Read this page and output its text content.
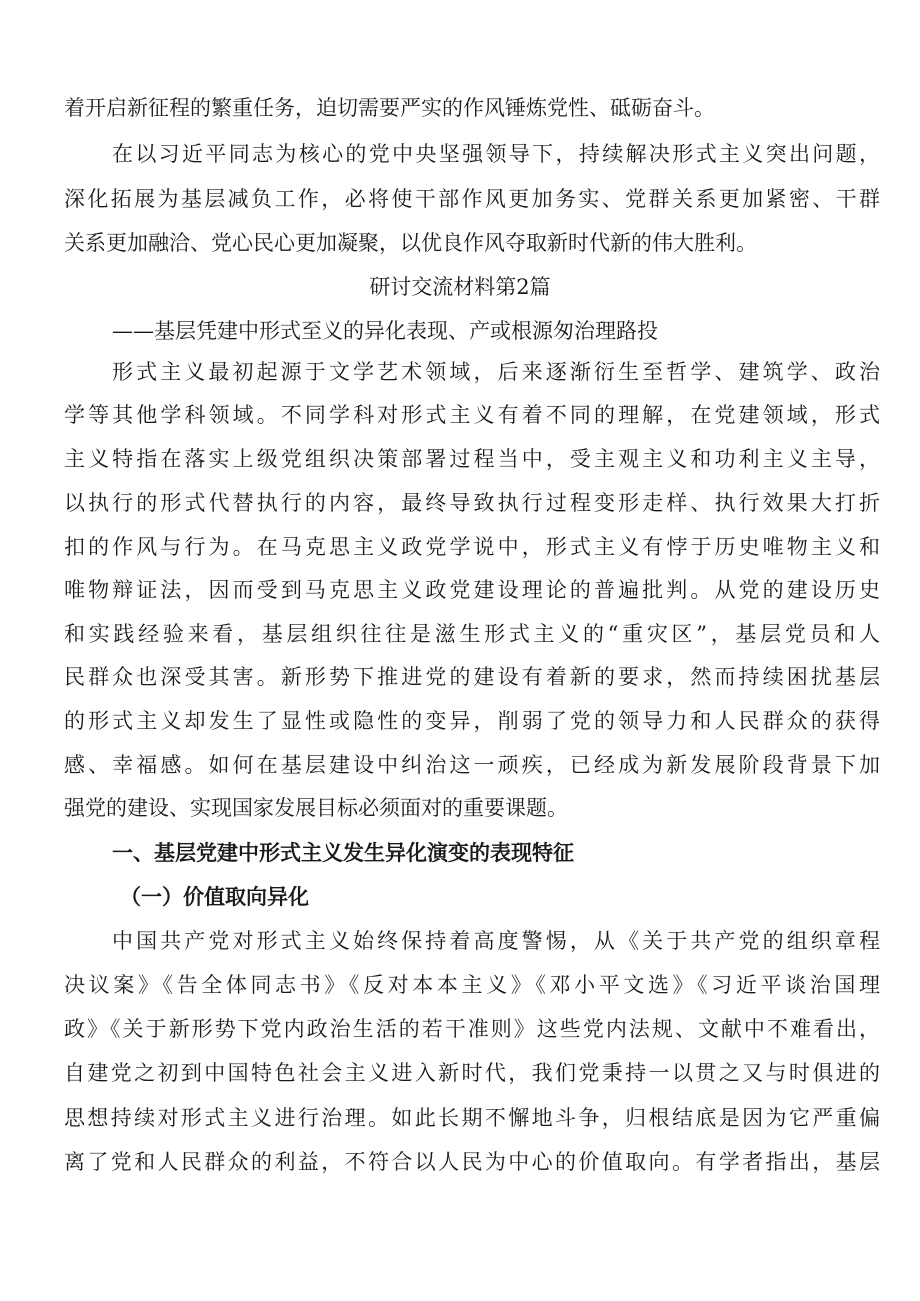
着开启新征程的繁重任务，迫切需要严实的作风锤炼党性、砥砺奋斗。
在以习近平同志为核心的党中央坚强领导下，持续解决形式主义突出问题，
深化拓展为基层减负工作，必将使干部作风更加务实、党群关系更加紧密、干群
关系更加融洽、党心民心更加凝聚，以优良作风夺取新时代新的伟大胜利。
研讨交流材料第2篇
——基层凭建中形式至义的异化表现、产或根源匆治理路投
形式主义最初起源于文学艺术领域，后来逐渐衍生至哲学、建筑学、政治
学等其他学科领域。不同学科对形式主义有着不同的理解，在党建领域，形式
主义特指在落实上级党组织决策部署过程当中，受主观主义和功利主义主导，
以执行的形式代替执行的内容，最终导致执行过程变形走样、执行效果大打折
扣的作风与行为。在马克思主义政党学说中，形式主义有悖于历史唯物主义和
唯物辩证法，因而受到马克思主义政党建设理论的普遍批判。从党的建设历史
和实践经验来看，基层组织往往是滋生形式主义的“重灾区”，基层党员和人
民群众也深受其害。新形势下推进党的建设有着新的要求，然而持续困扰基层
的形式主义却发生了显性或隐性的变异，削弱了党的领导力和人民群众的获得
感、幸福感。如何在基层建设中纠治这一顽疾，已经成为新发展阶段背景下加
强党的建设、实现国家发展目标必须面对的重要课题。
一、基层党建中形式主义发生异化演变的表现特征
（一）价值取向异化
中国共产党对形式主义始终保持着高度警惕，从《关于共产党的组织章程
决议案》《告全体同志书》《反对本本主义》《邓小平文选》《习近平谈治国理
政》《关于新形势下党内政治生活的若干准则》这些党内法规、文献中不难看出，
自建党之初到中国特色社会主义进入新时代，我们党秉持一以贯之又与时俱进的
思想持续对形式主义进行治理。如此长期不懈地斗争，归根结底是因为它严重偏
离了党和人民群众的利益，不符合以人民为中心的价值取向。有学者指出，基层
